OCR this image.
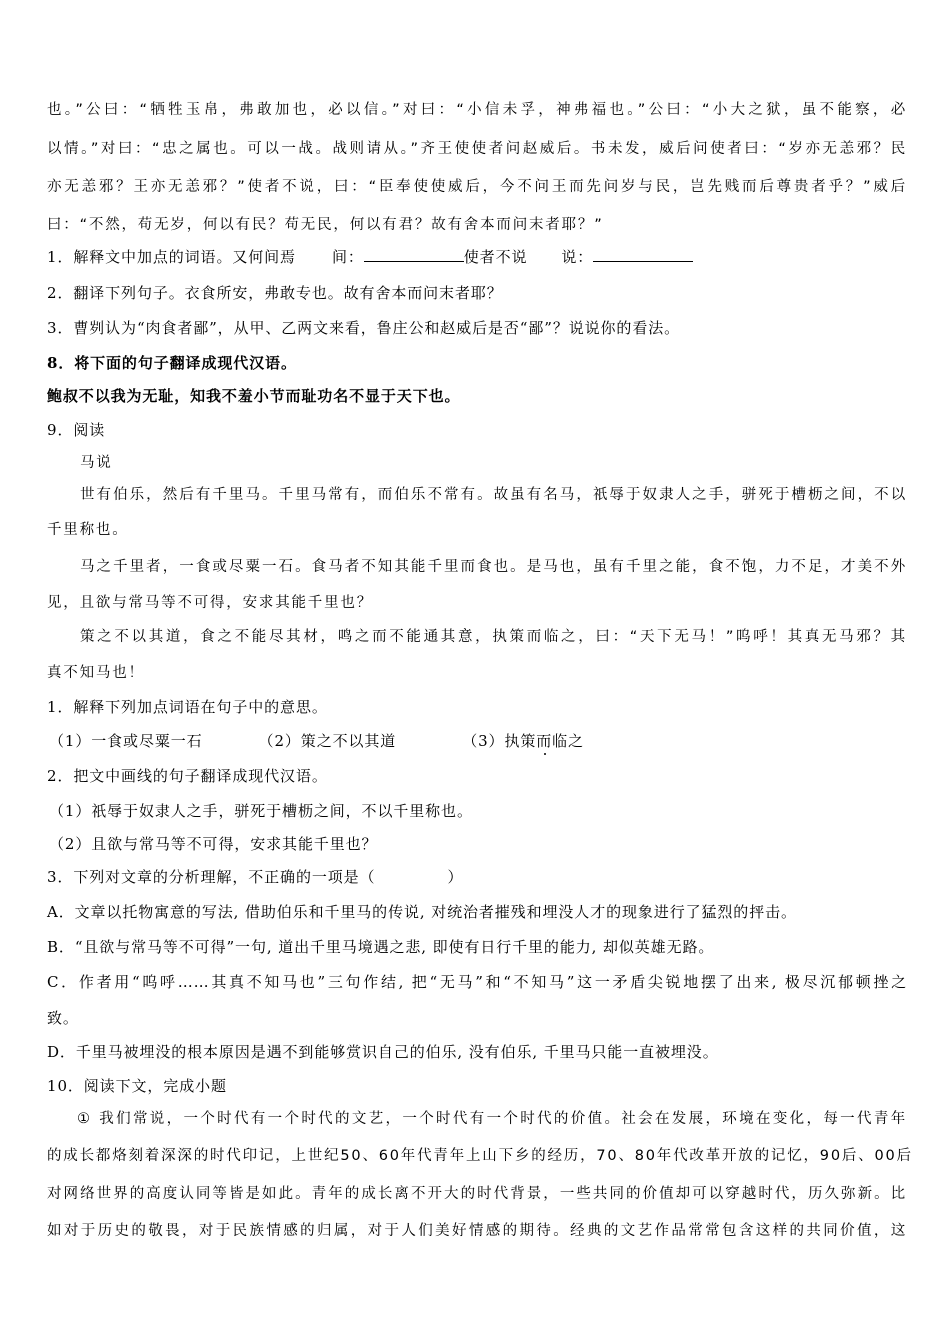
也。”公曰：“牺牲玉帛，弗敢加也，必以信。”对曰：“小信未孚，神弗福也。”公曰：“小大之狱，虽不能察，必
以情。”对曰：“忠之属也。可以一战。战则请从。”齐王使使者问赵威后。书未发，威后问使者曰：“岁亦无恙邪？民
亦无恙邪？王亦无恙邪？”使者不说，曰：“臣奉使使威后，今不问王而先问岁与民，岂先贱而后尊贵者乎？”威后
曰：“不然，苟无岁，何以有民？苟无民，何以有君？故有舍本而问末者耶？”
1．解释文中加点的词语。又何间焉 间：	使者不说 说：
2．翻译下列句子。衣食所安，弗敢专也。故有舍本而问末者耶？
3．曹刿认为“肉食者鄙”，从甲、乙两文来看，鲁庄公和赵威后是否“鄙”？说说你的看法。
8．将下面的句子翻译成现代汉语。
鲍叔不以我为无耻，知我不羞小节而耻功名不显于天下也。
9．阅读
马说
世有伯乐，然后有千里马。千里马常有，而伯乐不常有。故虽有名马，祇辱于奴隶人之手，骈死于槽枥之间，不以
千里称也。
马之千里者，一食或尽粟一石。食马者不知其能千里而食也。是马也，虽有千里之能，食不饱，力不足，才美不外
见，且欲与常马等不可得，安求其能千里也？
策之不以其道，食之不能尽其材，鸣之而不能通其意，执策而临之，曰：“天下无马！”呜呼！其真无马邪？其
真不知马也！
1．解释下列加点词语在句子中的意思。
（1）一食或尽粟一石	（2）策之不以其道	（3）执策而临之
2．把文中画线的句子翻译成现代汉语。
（1）祇辱于奴隶人之手，骈死于槽枥之间，不以千里称也。
（2）且欲与常马等不可得，安求其能千里也？
3．下列对文章的分析理解，不正确的一项是（	）
A．文章以托物寓意的写法, 借助伯乐和千里马的传说, 对统治者摧残和埋没人才的现象进行了猛烈的抨击。
B．“且欲与常马等不可得”一句, 道出千里马境遇之悲, 即使有日行千里的能力, 却似英雄无路。
C．作者用“呜呼……其真不知马也”三句作结, 把“无马”和“不知马”这一矛盾尖锐地摆了出来, 极尽沉郁顿挫之
致。
D．千里马被埋没的根本原因是遇不到能够赏识自己的伯乐, 没有伯乐, 千里马只能一直被埋没。
10．阅读下文，完成小题
① 我们常说，一个时代有一个时代的文艺，一个时代有一个时代的价值。社会在发展，环境在变化，每一代青年
的成长都烙刻着深深的时代印记，上世纪50、60年代青年上山下乡的经历，70、80年代改革开放的记忆，90后、00后
对网络世界的高度认同等皆是如此。青年的成长离不开大的时代背景，一些共同的价值却可以穿越时代，历久弥新。比
如对于历史的敬畏，对于民族情感的归属，对于人们美好情感的期待。经典的文艺作品常常包含这样的共同价值，这
